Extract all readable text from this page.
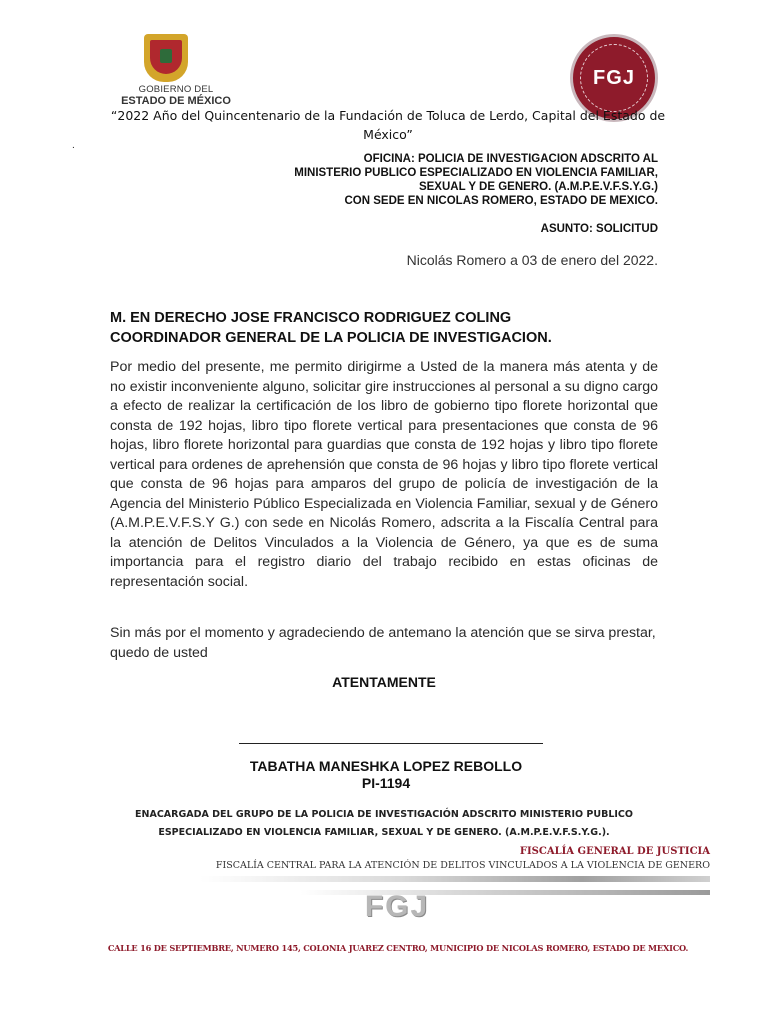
GOBIERNO DEL
ESTADO DE MÉXICO
FGJ
“2022 Año del Quincentenario de la Fundación de Toluca de Lerdo, Capital del Estado de México”
.
OFICINA: POLICIA DE INVESTIGACION ADSCRITO AL
MINISTERIO PUBLICO ESPECIALIZADO EN VIOLENCIA FAMILIAR,
SEXUAL Y DE GENERO. (A.M.P.E.V.F.S.Y.G.)
CON SEDE EN NICOLAS ROMERO, ESTADO DE MEXICO.
ASUNTO: SOLICITUD
Nicolás Romero a 03 de enero del 2022.
M. EN DERECHO JOSE FRANCISCO RODRIGUEZ COLING
COORDINADOR GENERAL DE LA POLICIA DE INVESTIGACION.
Por medio del presente, me permito dirigirme a Usted de la manera más atenta y de no existir inconveniente alguno, solicitar gire instrucciones al personal a su digno cargo a efecto de realizar la certificación de los libro de gobierno tipo florete horizontal que consta de 192 hojas, libro tipo florete vertical para presentaciones que consta de 96 hojas, libro florete horizontal para guardias que consta de 192 hojas y libro tipo florete vertical para ordenes de aprehensión que consta de 96 hojas y libro tipo florete vertical que consta de 96 hojas para amparos del grupo de policía de investigación de la Agencia del Ministerio Público Especializada en Violencia Familiar, sexual y de Género (A.M.P.E.V.F.S.Y G.) con sede en Nicolás Romero, adscrita a la Fiscalía Central para la atención de Delitos Vinculados a la Violencia de Género, ya que es de suma importancia para el registro diario del trabajo recibido en estas oficinas de representación social.
Sin más por el momento y agradeciendo de antemano la atención que se sirva prestar, quedo de usted
ATENTAMENTE
TABATHA MANESHKA LOPEZ REBOLLO
PI-1194
ENACARGADA DEL GRUPO DE LA POLICIA DE INVESTIGACIÓN ADSCRITO MINISTERIO PUBLICO
ESPECIALIZADO EN VIOLENCIA FAMILIAR, SEXUAL Y DE GENERO. (A.M.P.E.V.F.S.Y.G.).
FISCALÍA GENERAL DE JUSTICIA
FISCALÍA CENTRAL PARA LA ATENCIÓN DE DELITOS VINCULADOS A LA VIOLENCIA DE GENERO
FGJ
CALLE 16 DE SEPTIEMBRE, NUMERO 145, COLONIA JUAREZ CENTRO, MUNICIPIO DE NICOLAS ROMERO, ESTADO DE MEXICO.
